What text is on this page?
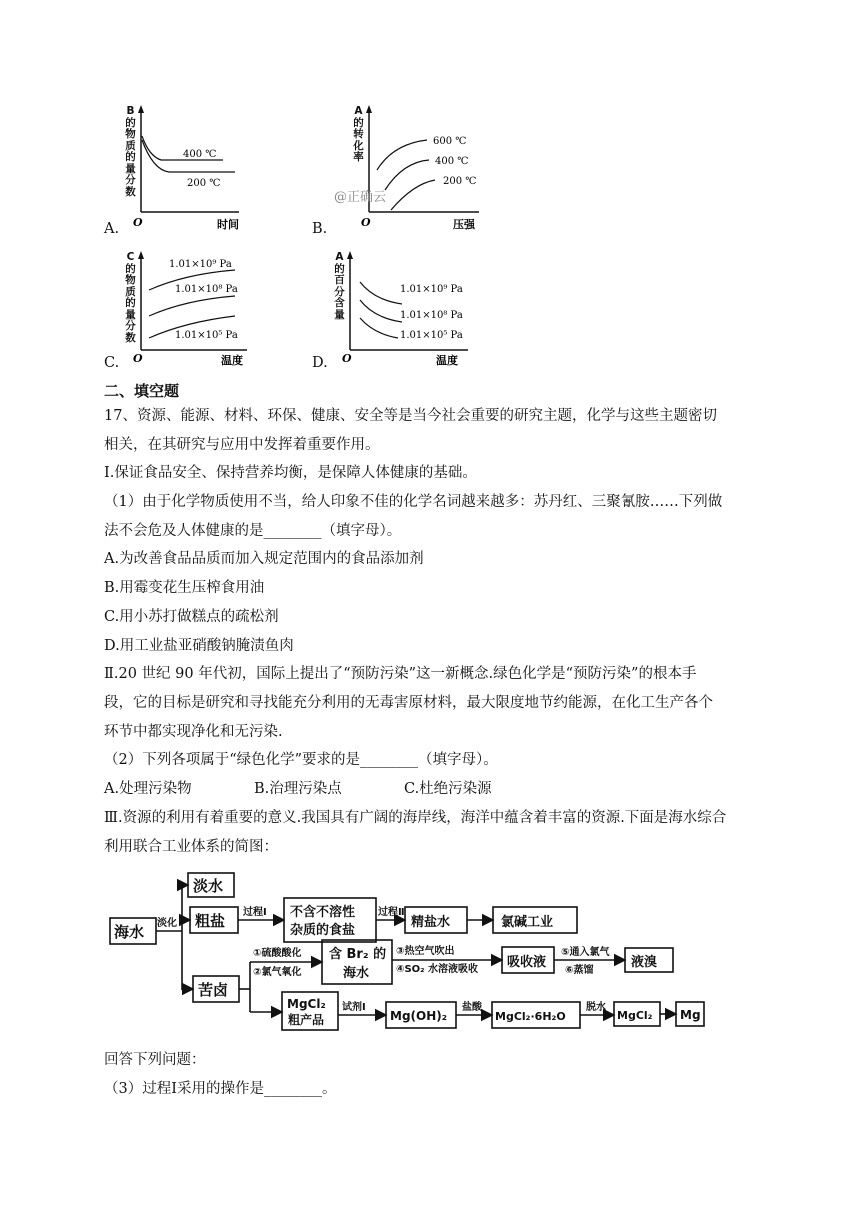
A.
B
的
物
质
的
量
分
数
400 ℃
200 ℃
O	时间	B.
A
的
转
化
率
600 ℃
400 ℃
200 ℃
O	压强
@正确云
C.
C
的
物
质
的
量
分
数
1.01×10⁹ Pa
1.01×10⁸ Pa
1.01×10⁵ Pa
O	温度	D.
A
的
百
分
含
量
1.01×10⁹ Pa
1.01×10⁸ Pa
1.01×10⁵ Pa
O	温度
二、填空题
17、资源、能源、材料、环保、健康、安全等是当今社会重要的研究主题，化学与这些主题密切
相关，在其研究与应用中发挥着重要作用。
Ⅰ.保证食品安全、保持营养均衡，是保障人体健康的基础。
（1）由于化学物质使用不当，给人印象不佳的化学名词越来越多：苏丹红、三聚氰胺……下列做
法不会危及人体健康的是________（填字母）。
A.为改善食品品质而加入规定范围内的食品添加剂
B.用霉变花生压榨食用油
C.用小苏打做糕点的疏松剂
D.用工业盐亚硝酸钠腌渍鱼肉
Ⅱ.20 世纪 90 年代初，国际上提出了“预防污染”这一新概念.绿色化学是“预防污染”的根本手
段，它的目标是研究和寻找能充分利用的无毒害原材料，最大限度地节约能源，在化工生产各个
环节中都实现净化和无污染.
（2）下列各项属于“绿色化学”要求的是________（填字母）。
A.处理污染物	B.治理污染点	C.杜绝污染源
Ⅲ.资源的利用有着重要的意义.我国具有广阔的海岸线，海洋中蕴含着丰富的资源.下面是海水综合
利用联合工业体系的简图：
海水 淡化
淡水
粗盐 过程Ⅰ 不含不溶性
杂质的食盐
过程Ⅱ
精盐水	氯碱工业
苦卤
①硫酸酸化
②氯气氧化
含 Br₂ 的
海水
③热空气吹出
④SO₂ 水溶液吸收 吸收液
⑤通入氯气
⑥蒸馏
液溴
MgCl₂
粗产品
试剂Ⅰ
Mg(OH)₂
盐酸
MgCl₂·6H₂O
脱水
MgCl₂ Mg
回答下列问题：
（3）过程Ⅰ采用的操作是________。
